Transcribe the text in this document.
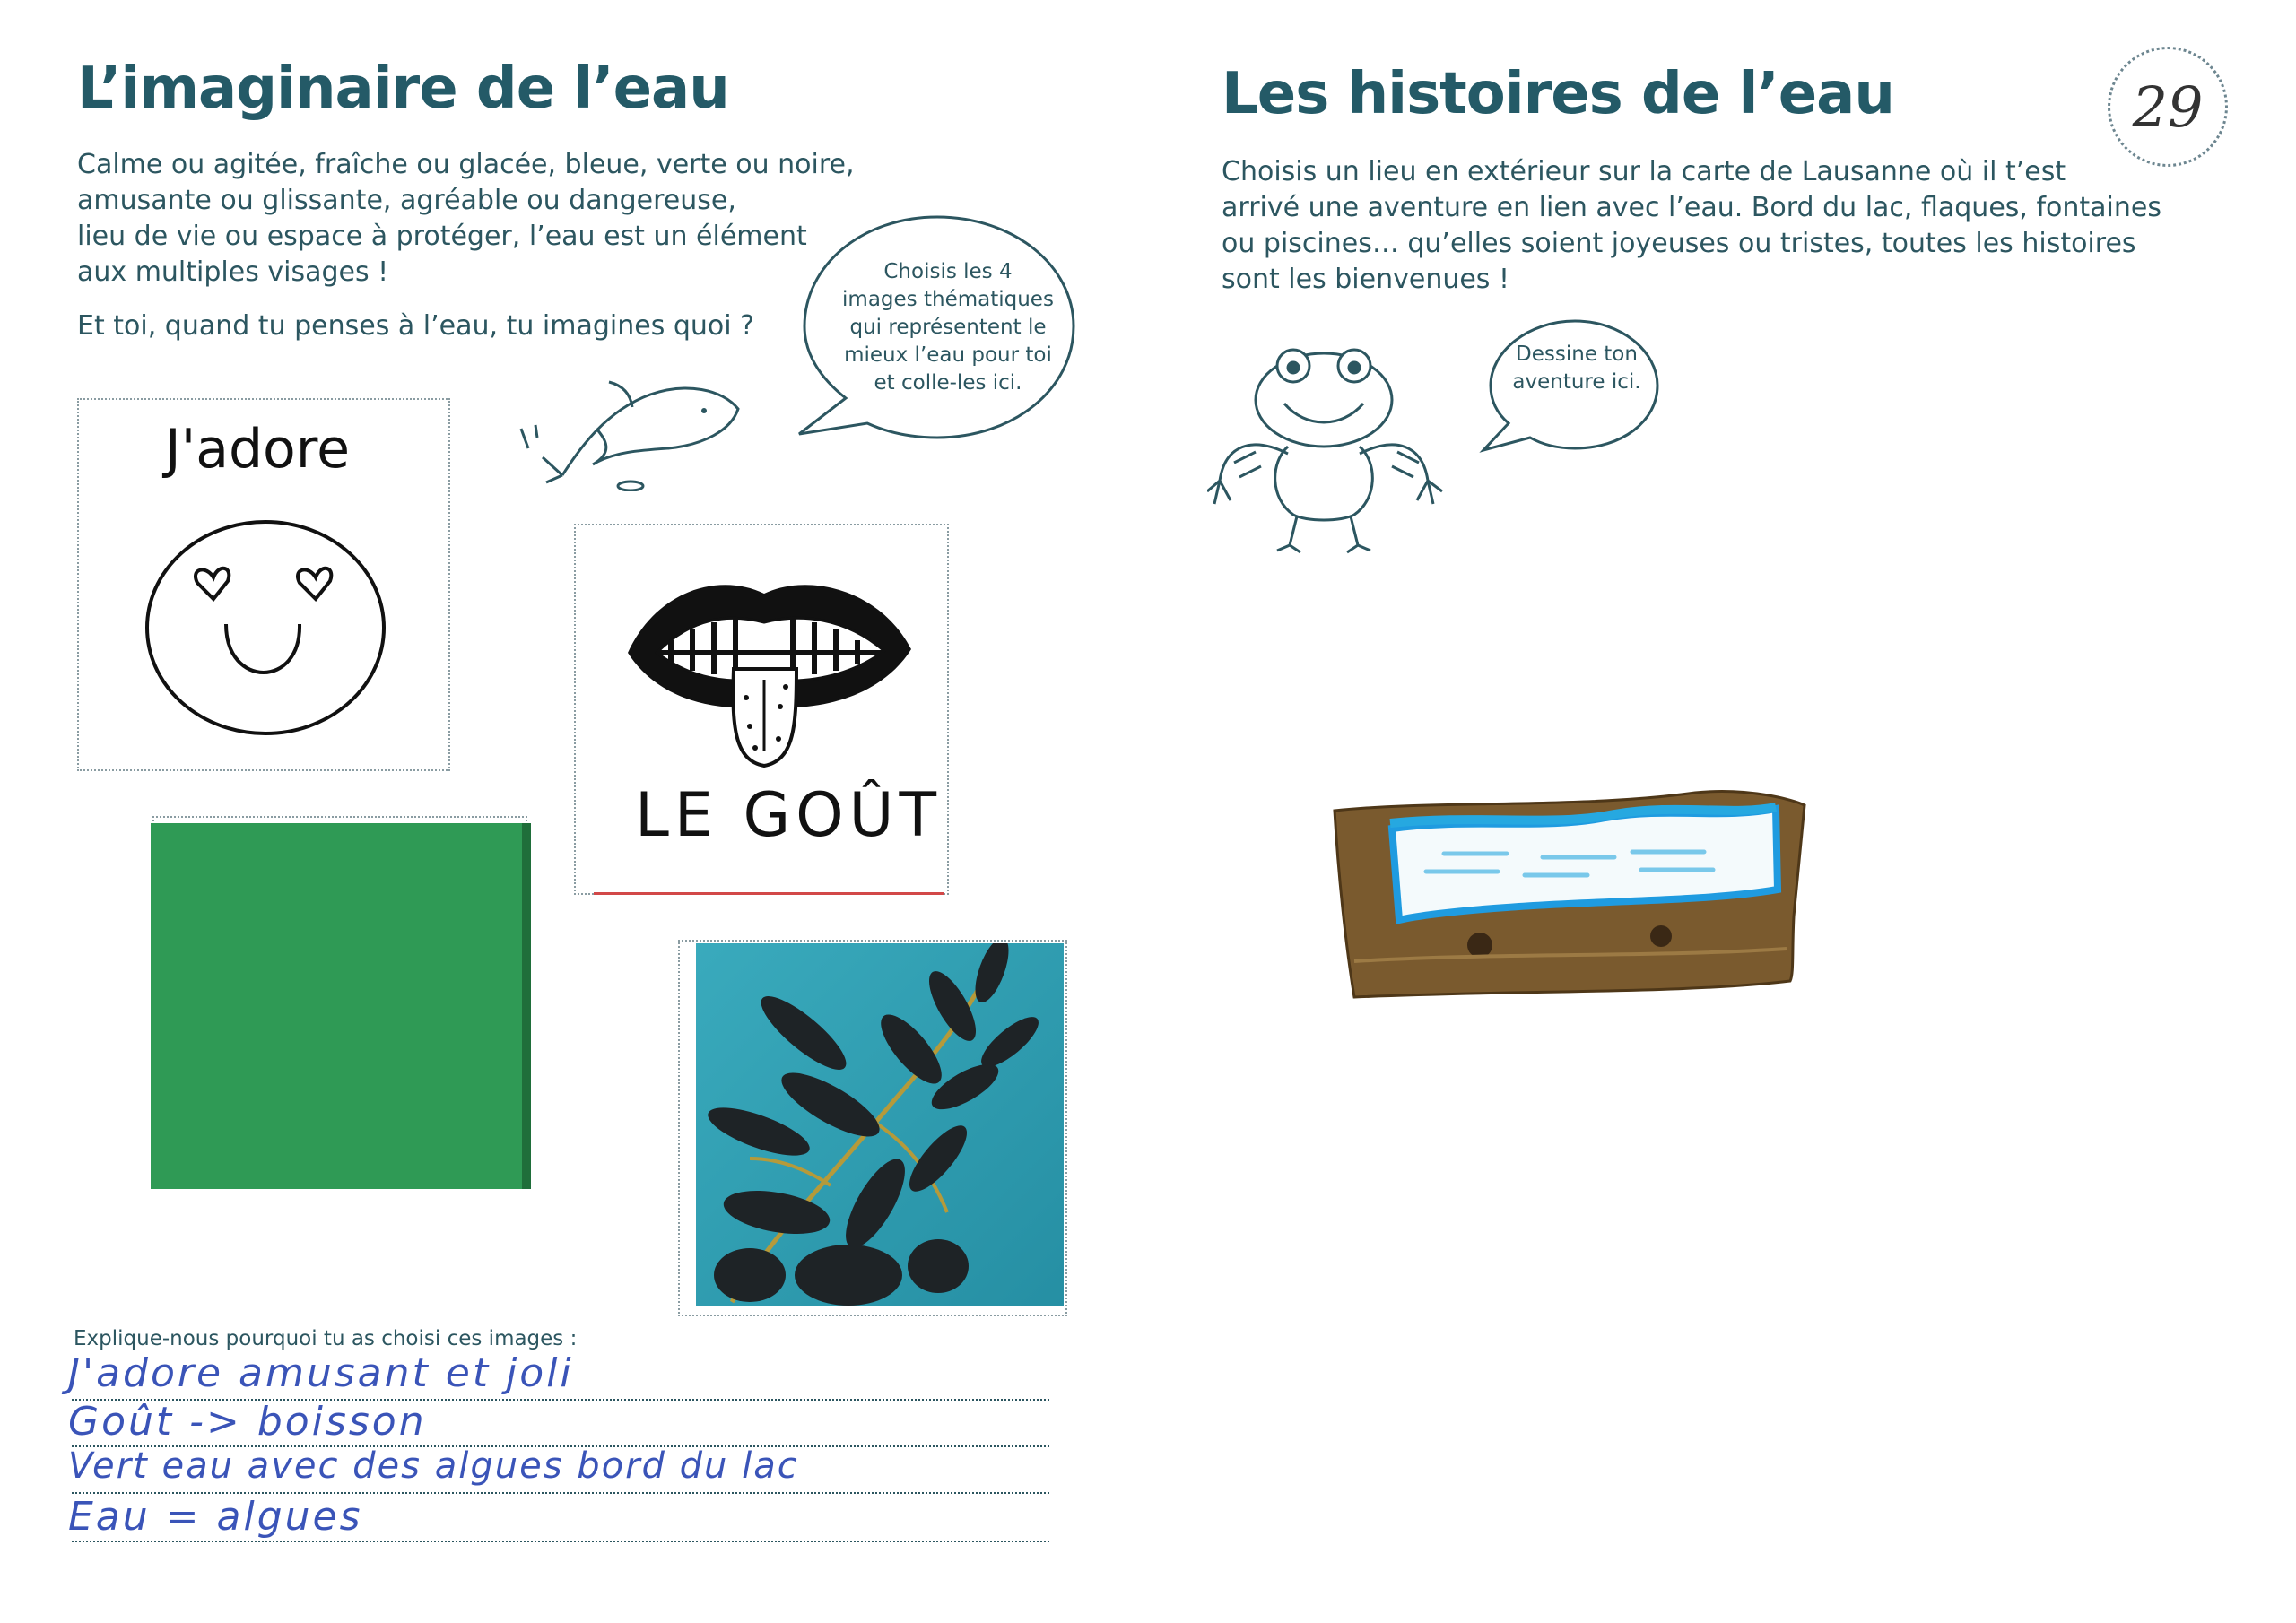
L’imaginaire de l’eau

Calme ou agitée, fraîche ou glacée, bleue, verte ou noire,

amusante ou glissante, agréable ou dangereuse,

lieu de vie ou espace à protéger, l’eau est un élément

aux multiples visages !

Et toi, quand tu penses à l’eau, tu imagines quoi ?

Choisis les 4
images thématiques
qui représentent le
mieux l’eau pour toi
et colle-les ici.
J'adore
LE GOÛT
Explique-nous pourquoi tu as choisi ces images :
J'adore amusant et joli
Goût -> boisson
Vert eau avec des algues bord du lac
Eau = algues
Les histoires de l’eau	29

Choisis un lieu en extérieur sur la carte de Lausanne où il t’est

arrivé une aventure en lien avec l’eau. Bord du lac, flaques, fontaines

ou piscines… qu’elles soient joyeuses ou tristes, toutes les histoires

sont les bienvenues !

Dessine ton
aventure ici.
